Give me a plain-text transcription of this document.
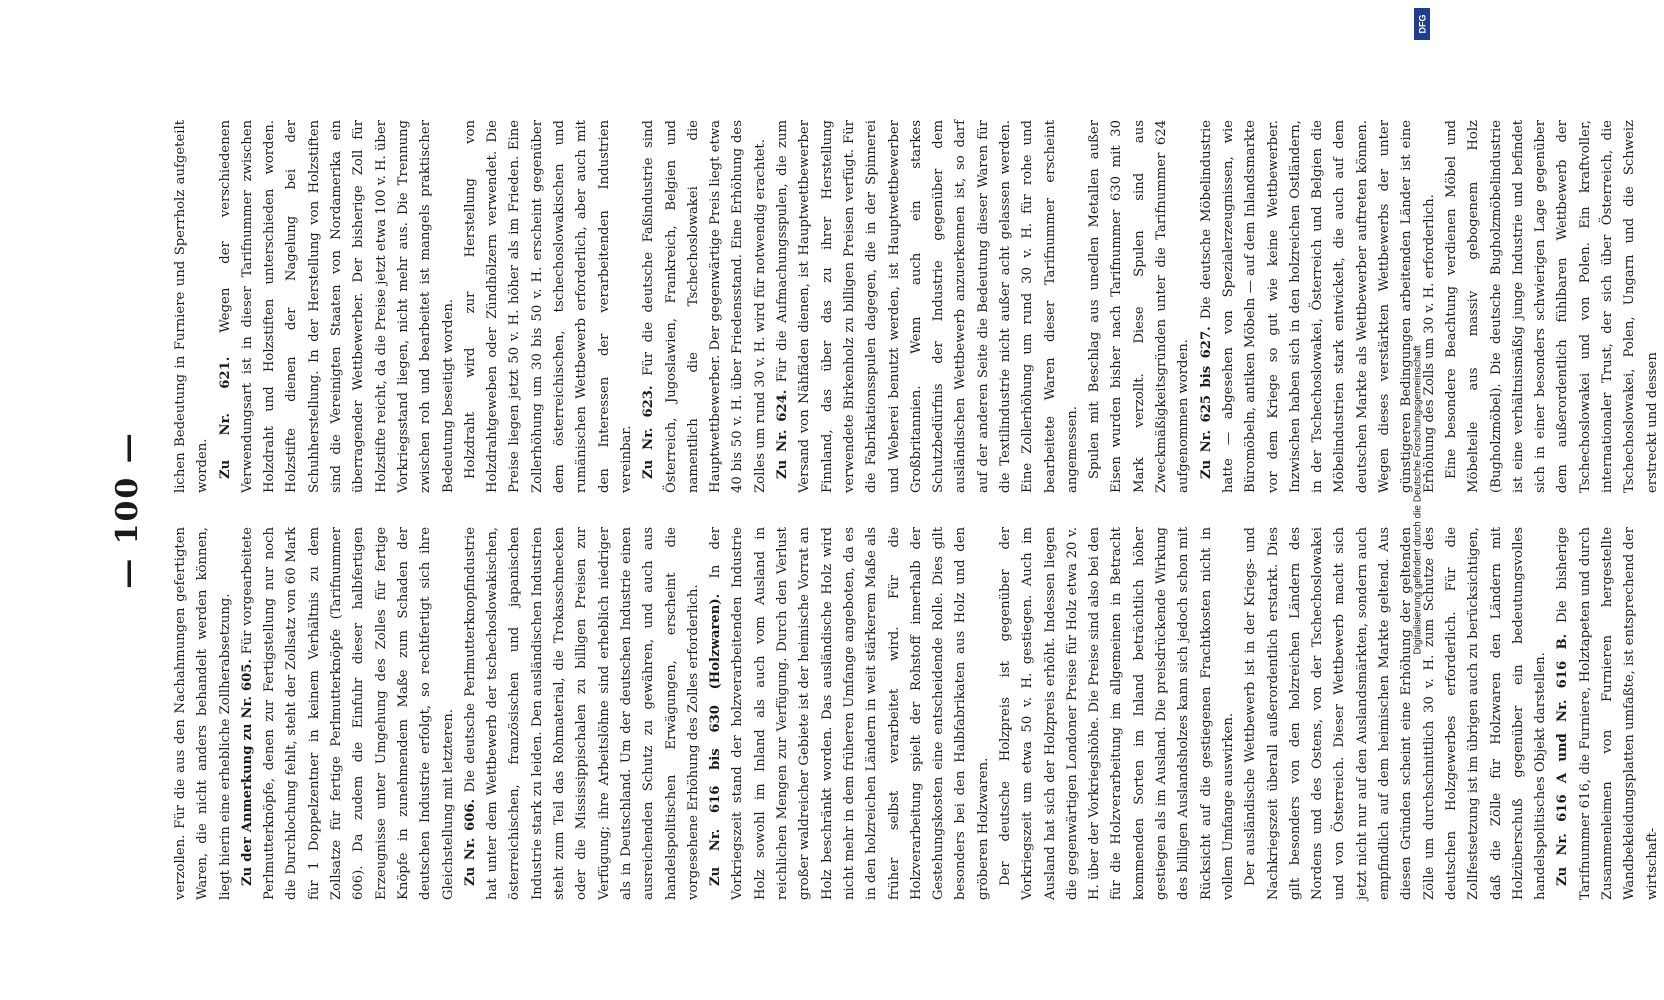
— 100 —

verzollen. Für die aus den Nachahmungen gefertigten Waren, die nicht anders behandelt werden können, liegt hierin eine erhebliche Zollherabsetzung. Zu der Anmerkung zu Nr. 605. Für vorgearbeitete Perlmutterknöpfe, denen zur Fertigstellung nur noch die Durchlochung fehlt, steht der Zollsatz von 60 Mark für 1 Doppelzentner in keinem Verhältnis zu dem Zollsatze für fertige Perlmutterknöpfe (Tarifnummer 606). Da zudem die Einfuhr dieser halbfertigen Erzeugnisse unter Umgehung des Zolles für fertige Knöpfe in zunehmendem Maße zum Schaden der deutschen Industrie erfolgt, so rechtfertigt sich ihre Gleichstellung mit letzteren. Zu Nr. 606. Die deutsche Perlmutterknopfindustrie hat unter dem Wettbewerb der tschechoslowakischen, österreichischen, französischen und japanischen Industrie stark zu leiden. Den ausländischen Industrien steht zum Teil das Rohmaterial, die Trokasschnecken oder die Mississippischalen zu billigen Preisen zur Verfügung; ihre Arbeitslöhne sind erheblich niedriger als in Deutschland. Um der deutschen Industrie einen ausreichenden Schutz zu gewähren, und auch aus handelspolitischen Erwägungen, erscheint die vorgesehene Erhöhung des Zolles erforderlich. Zu Nr. 616 bis 630 (Holzwaren). In der Vorkriegszeit stand der holzverarbeitenden Industrie Holz sowohl im Inland als auch vom Ausland in reichlichen Mengen zur Verfügung. Durch den Verlust großer waldreicher Gebiete ist der heimische Vorrat an Holz beschränkt worden. Das ausländische Holz wird nicht mehr in dem früheren Umfange angeboten, da es in den holzreichen Ländern in weit stärkerem Maße als früher selbst verarbeitet wird. Für die Holzverarbeitung spielt der Rohstoff innerhalb der Gestehungskosten eine entscheidende Rolle. Dies gilt besonders bei den Halbfabrikaten aus Holz und den gröberen Holzwaren. Der deutsche Holzpreis ist gegenüber der Vorkriegszeit um etwa 50 v. H. gestiegen. Auch im Ausland hat sich der Holzpreis erhöht. Indessen liegen die gegenwärtigen Londoner Preise für Holz etwa 20 v. H. über der Vorkriegshöhe. Die Preise sind also bei den für die Holzverarbeitung im allgemeinen in Betracht kommenden Sorten im Inland beträchtlich höher gestiegen als im Ausland. Die preisdrückende Wirkung des billigen Auslandsholzes kann sich jedoch schon mit Rücksicht auf die gestiegenen Frachtkosten nicht in vollem Umfange auswirken. Der ausländische Wettbewerb ist in der Kriegs- und Nachkriegszeit überall außerordentlich erstarkt. Dies gilt besonders von den holzreichen Ländern des Nordens und des Ostens, von der Tschechoslowakei und von Österreich. Dieser Wettbewerb macht sich jetzt nicht nur auf den Auslandsmärkten, sondern auch empfindlich auf dem heimischen Markte geltend. Aus diesen Gründen scheint eine Erhöhung der geltenden Zölle um durchschnittlich 30 v. H. zum Schutze des deutschen Holzgewerbes erforderlich. Für die Zollfestsetzung ist im übrigen auch zu berücksichtigen, daß die Zölle für Holzwaren den Ländern mit Holzüberschuß gegenüber ein bedeutungsvolles handelspolitisches Objekt darstellen. Zu Nr. 616 A und Nr. 616 B. Die bisherige Tarifnummer 616, die Furniere, Holztapeten und durch Zusammenleimen von Furnieren hergestellte Wandbekleidungsplatten umfaßte, ist entsprechend der wirtschaft-

lichen Bedeutung in Furniere und Sperrholz aufgeteilt worden. Zu Nr. 621. Wegen der verschiedenen Verwendungsart ist in dieser Tarifnummer zwischen Holzdraht und Holzstiften unterschieden worden. Holzstifte dienen der Nagelung bei der Schuhherstellung. In der Herstellung von Holzstiften sind die Vereinigten Staaten von Nordamerika ein überragender Wettbewerber. Der bisherige Zoll für Holzstifte reicht, da die Preise jetzt etwa 100 v. H. über Vorkriegsstand liegen, nicht mehr aus. Die Trennung zwischen roh und bearbeitet ist mangels praktischer Bedeutung beseitigt worden. Holzdraht wird zur Herstellung von Holzdrahtgeweben oder Zündhölzern verwendet. Die Preise liegen jetzt 50 v. H. höher als im Frieden. Eine Zollerhöhung um 30 bis 50 v. H. erscheint gegenüber dem österreichischen, tschechoslowakischen und rumänischen Wettbewerb erforderlich, aber auch mit den Interessen der verarbeitenden Industrien vereinbar. Zu Nr. 623. Für die deutsche Faßindustrie sind Österreich, Jugoslawien, Frankreich, Belgien und namentlich die Tschechoslowakei die Hauptwettbewerber. Der gegenwärtige Preis liegt etwa 40 bis 50 v. H. über Friedensstand. Eine Erhöhung des Zolles um rund 30 v. H. wird für notwendig erachtet. Zu Nr. 624. Für die Aufmachungsspulen, die zum Versand von Nähfäden dienen, ist Hauptwettbewerber Finnland, das über das zu ihrer Herstellung verwendete Birkenholz zu billigen Preisen verfügt. Für die Fabrikationsspulen dagegen, die in der Spinnerei und Weberei benutzt werden, ist Hauptwettbewerber Großbritannien. Wenn auch ein starkes Schutzbedürfnis der Industrie gegenüber dem ausländischen Wettbewerb anzuerkennen ist, so darf auf der anderen Seite die Bedeutung dieser Waren für die Textilindustrie nicht außer acht gelassen werden. Eine Zollerhöhung um rund 30 v. H. für rohe und bearbeitete Waren dieser Tarifnummer erscheint angemessen. Spulen mit Beschlag aus unedlen Metallen außer Eisen wurden bisher nach Tarifnummer 630 mit 30 Mark verzollt. Diese Spulen sind aus Zweckmäßigkeitsgründen unter die Tarifnummer 624 aufgenommen worden. Zu Nr. 625 bis 627. Die deutsche Möbelindustrie hatte — abgesehen von Spezialerzeugnissen, wie Büromöbeln, antiken Möbeln — auf dem Inlandsmarkte vor dem Kriege so gut wie keine Wettbewerber. Inzwischen haben sich in den holzreichen Ostländern, in der Tschechoslowakei, Österreich und Belgien die Möbelindustrien stark entwickelt, die auch auf dem deutschen Markte als Wettbewerber auftreten können. Wegen dieses verstärkten Wettbewerbs der unter günstigeren Bedingungen arbeitenden Länder ist eine Erhöhung des Zolls um 30 v. H. erforderlich. Eine besondere Beachtung verdienen Möbel und Möbelteile aus massiv gebogenem Holz (Bugholzmöbel). Die deutsche Bugholzmöbelindustrie ist eine verhältnismäßig junge Industrie und befindet sich in einer besonders schwierigen Lage gegenüber dem außerordentlich fühlbaren Wettbewerb der Tschechoslowakei und von Polen. Ein kraftvoller, internationaler Trust, der sich über Österreich, die Tschechoslowakei, Polen, Ungarn und die Schweiz erstreckt und dessen

Digitalisierung gefördert durch die Deutsche Forschungsgemeinschaft
DFG
